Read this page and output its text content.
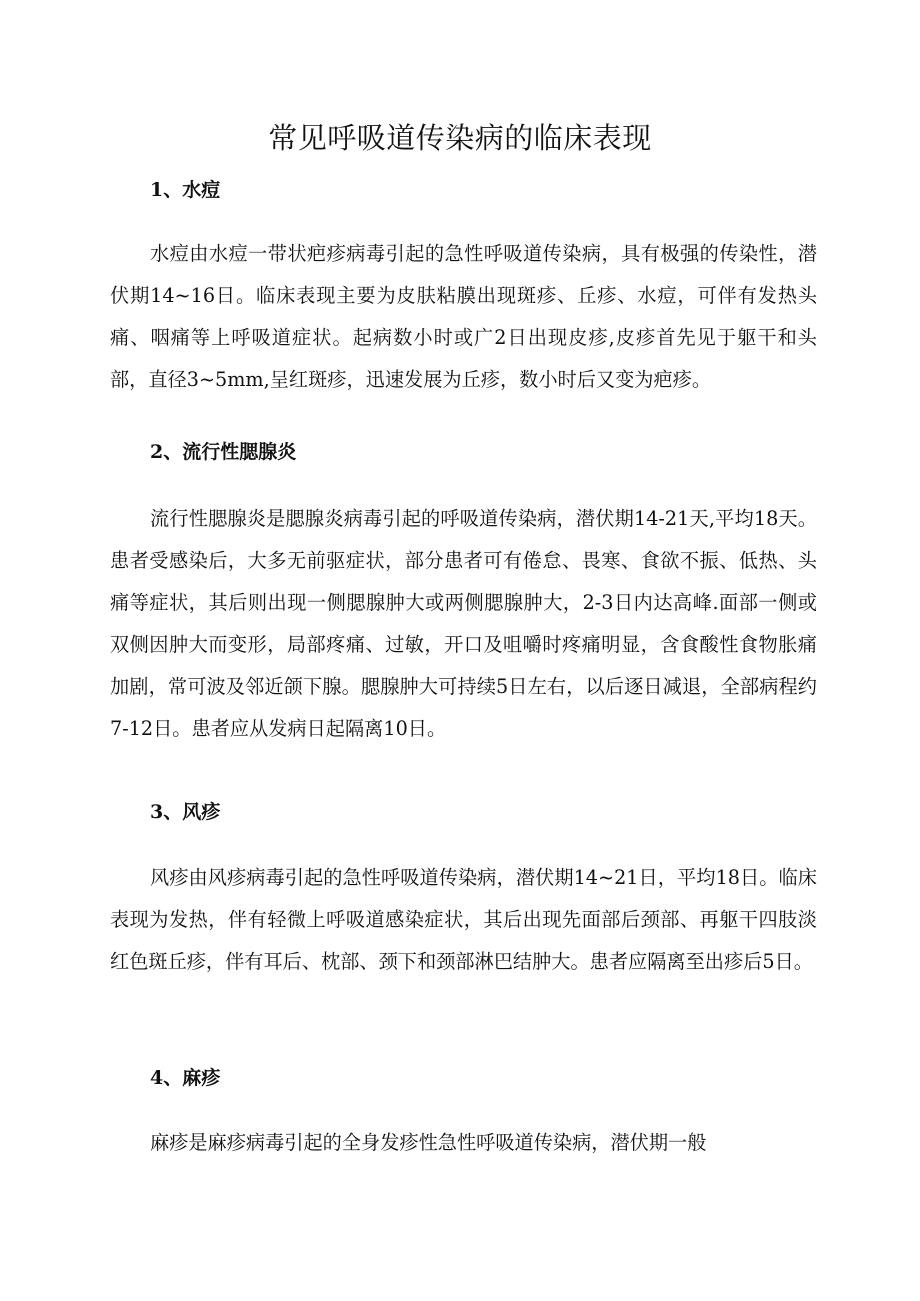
常见呼吸道传染病的临床表现
1、水痘

水痘由水痘一带状疤疹病毒引起的急性呼吸道传染病，具有极强的传染性，潜伏期14~16日。临床表现主要为皮肤粘膜出现斑疹、丘疹、水痘，可伴有发热头痛、咽痛等上呼吸道症状。起病数小时或广2日出现皮疹,皮疹首先见于躯干和头部，直径3~5mm,呈红斑疹，迅速发展为丘疹，数小时后又变为疤疹。

2、流行性腮腺炎

流行性腮腺炎是腮腺炎病毒引起的呼吸道传染病，潜伏期14-21天,平均18天。患者受感染后，大多无前驱症状，部分患者可有倦怠、畏寒、食欲不振、低热、头痛等症状，其后则出现一侧腮腺肿大或两侧腮腺肿大，2-3日内达高峰.面部一侧或双侧因肿大而变形，局部疼痛、过敏，开口及咀嚼时疼痛明显，含食酸性食物胀痛加剧，常可波及邻近颌下腺。腮腺肿大可持续5日左右，以后逐日减退，全部病程约7-12日。患者应从发病日起隔离10日。

3、风疹

风疹由风疹病毒引起的急性呼吸道传染病，潜伏期14~21日，平均18日。临床表现为发热，伴有轻微上呼吸道感染症状，其后出现先面部后颈部、再躯干四肢淡红色斑丘疹，伴有耳后、枕部、颈下和颈部淋巴结肿大。患者应隔离至出疹后5日。

4、麻疹

麻疹是麻疹病毒引起的全身发疹性急性呼吸道传染病，潜伏期一般
